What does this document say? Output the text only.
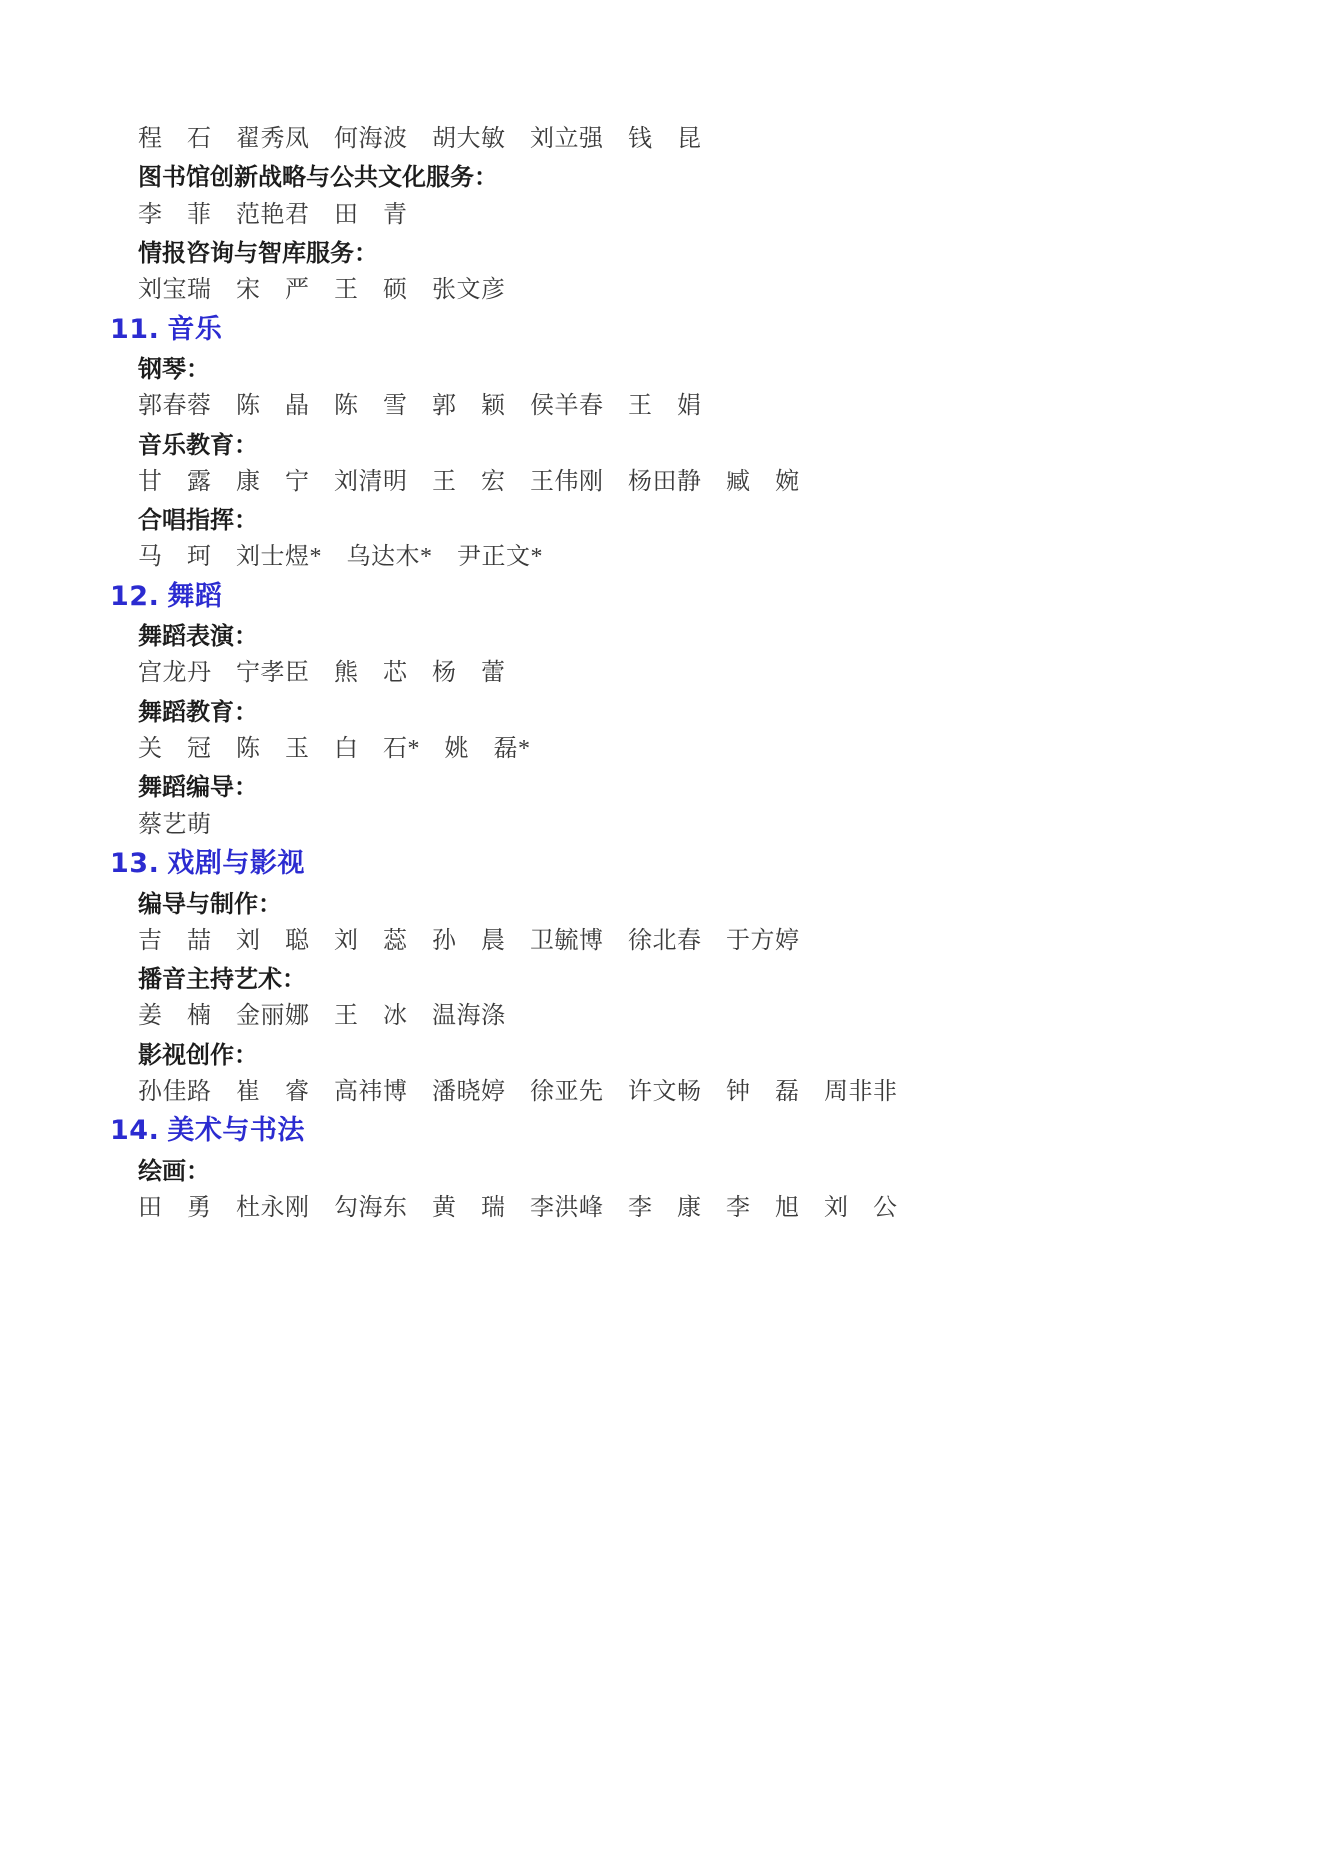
程　石　翟秀凤　何海波　胡大敏　刘立强　钱　昆
图书馆创新战略与公共文化服务：
李　菲　范艳君　田　青
情报咨询与智库服务：
刘宝瑞　宋　严　王　硕　张文彦
11. 音乐
钢琴：
郭春蓉　陈　晶　陈　雪　郭　颖　侯羊春　王　娟
音乐教育：
甘　露　康　宁　刘清明　王　宏　王伟刚　杨田静　臧　婉
合唱指挥：
马　珂　刘士煜*　乌达木*　尹正文*
12. 舞蹈
舞蹈表演：
宫龙丹　宁孝臣　熊　芯　杨　蕾
舞蹈教育：
关　冠　陈　玉　白　石*　姚　磊*
舞蹈编导：
蔡艺萌
13. 戏剧与影视
编导与制作：
吉　喆　刘　聪　刘　蕊　孙　晨　卫毓博　徐北春　于方婷
播音主持艺术：
姜　楠　金丽娜　王　冰　温海涤
影视创作：
孙佳路　崔　睿　高祎博　潘晓婷　徐亚先　许文畅　钟　磊　周非非
14. 美术与书法
绘画：
田　勇　杜永刚　勾海东　黄　瑞　李洪峰　李　康　李　旭　刘　公
